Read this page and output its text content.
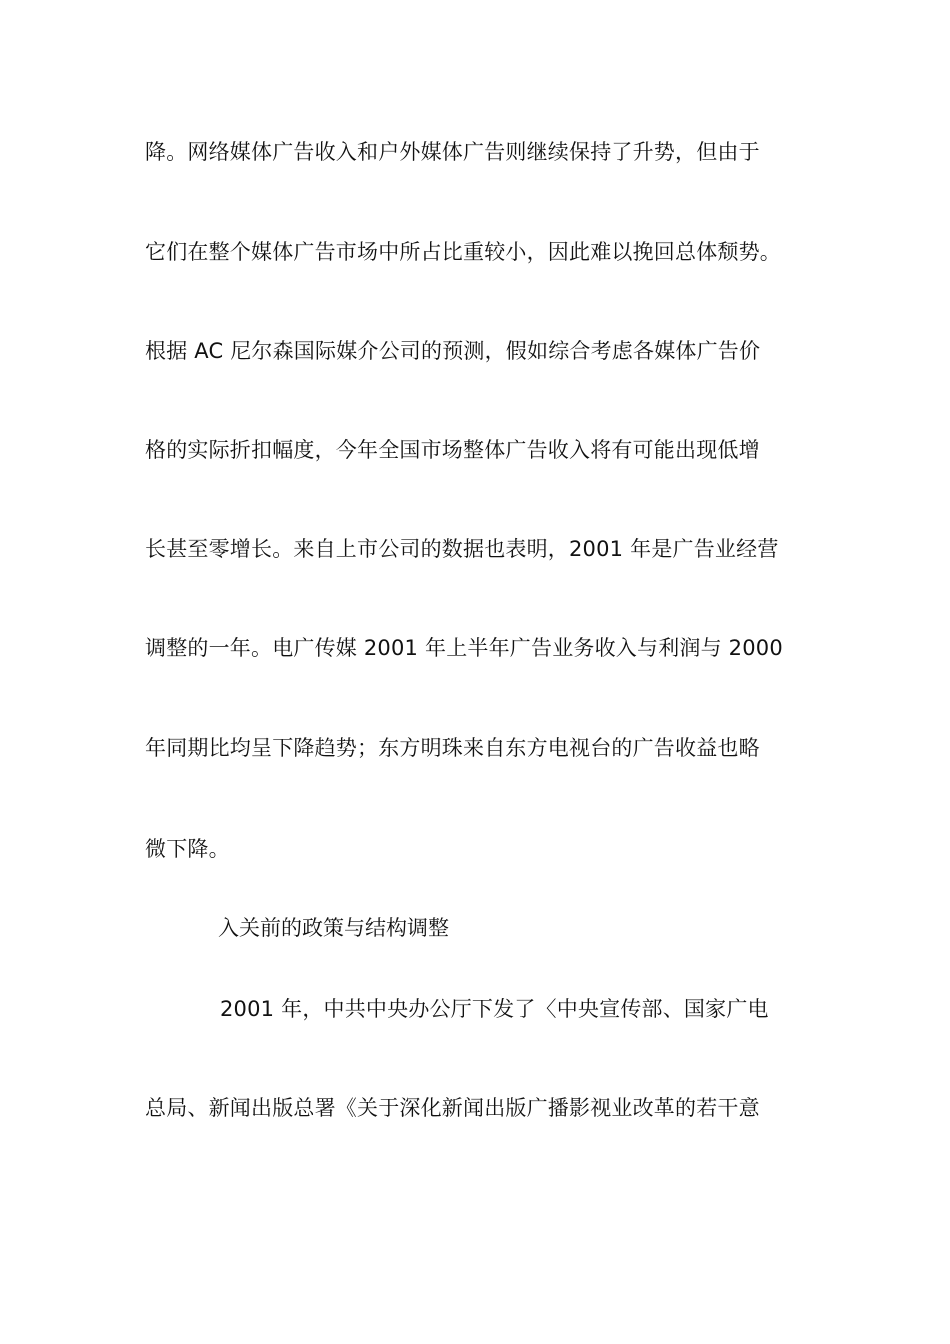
降。网络媒体广告收入和户外媒体广告则继续保持了升势，但由于
它们在整个媒体广告市场中所占比重较小，因此难以挽回总体颓势。
根据 AC 尼尔森国际媒介公司的预测，假如综合考虑各媒体广告价
格的实际折扣幅度，今年全国市场整体广告收入将有可能出现低增
长甚至零增长。来自上市公司的数据也表明，2001 年是广告业经营
调整的一年。电广传媒 2001 年上半年广告业务收入与利润与 2000
年同期比均呈下降趋势；东方明珠来自东方电视台的广告收益也略
微下降。
入关前的政策与结构调整
2001 年，中共中央办公厅下发了〈中央宣传部、国家广电
总局、新闻出版总署《关于深化新闻出版广播影视业改革的若干意
